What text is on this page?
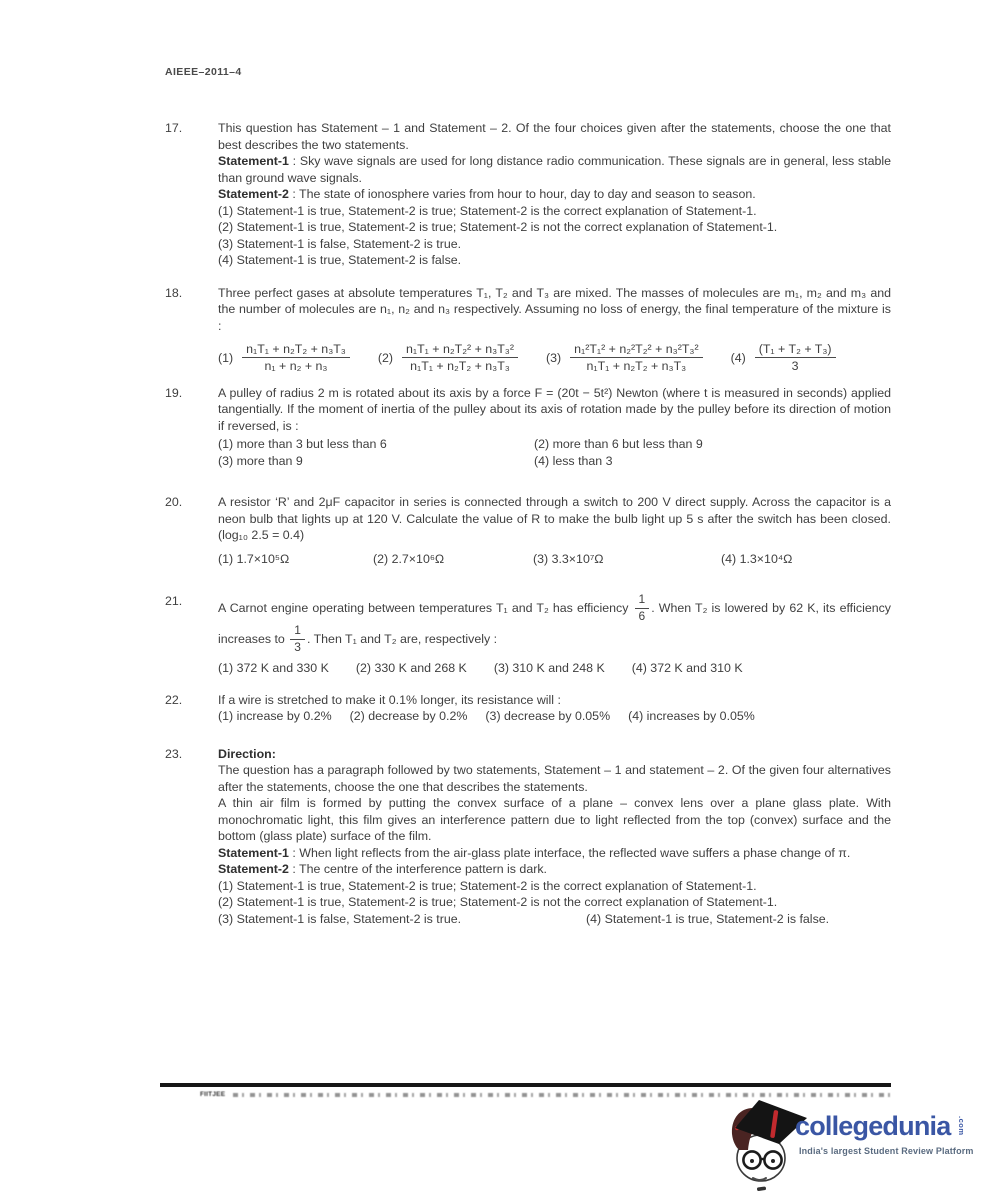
AIEEE–2011–4
17.	This question has Statement – 1 and Statement – 2. Of the four choices given after the statements, choose the one that best describes the two statements.

Statement-1 : Sky wave signals are used for long distance radio communication. These signals are in general, less stable than ground wave signals.

Statement-2 : The state of ionosphere varies from hour to hour, day to day and season to season.

(1) Statement-1 is true, Statement-2 is true; Statement-2 is the correct explanation of Statement-1.
(2) Statement-1 is true, Statement-2 is true; Statement-2 is not the correct explanation of Statement-1.
(3) Statement-1 is false, Statement-2 is true.
(4) Statement-1 is true, Statement-2 is false.
18.	Three perfect gases at absolute temperatures T₁, T₂ and T₃ are mixed. The masses of molecules are m₁, m₂ and m₃ and the number of molecules are n₁, n₂ and n₃ respectively. Assuming no loss of energy, the final temperature of the mixture is :

$(1) \frac{\text{n₁T₁ + n₂T₂ + n₃T₃}}{\text{n₁ + n₂ + n₃}} (2) \frac{\text{n₁T₁ + n₂T₂² + n₃T₃²}}{\text{n₁T₁ + n₂T₂ + n₃T₃}} (3) \frac{\text{n₁²T₁² + n₂²T₂² + n₃²T₃²}}{\text{n₁T₁ + n₂T₂ + n₃T₃}} (4) \frac{\text{(T₁ + T₂ + T₃)}}{3}$
19.	A pulley of radius 2 m is rotated about its axis by a force F = (20t − 5t²) Newton (where t is measured in seconds) applied tangentially. If the moment of inertia of the pulley about its axis of rotation made by the pulley before its direction of motion if reversed, is :

(1) more than 3 but less than 6	(2) more than 6 but less than 9
(3) more than 9	(4) less than 3
20.	A resistor ‘R’ and 2μF capacitor in series is connected through a switch to 200 V direct supply. Across the capacitor is a neon bulb that lights up at 120 V. Calculate the value of R to make the bulb light up 5 s after the switch has been closed. (log₁₀ 2.5 = 0.4)

(1) 1.7×10⁵Ω	(2) 2.7×10⁶Ω	(3) 3.3×10⁷Ω	(4) 1.3×10⁴Ω
21.	A Carnot engine operating between temperatures T₁ and T₂ has efficiency $\frac{1}{6}$ . When T₂ is lowered by 62 K, its efficiency increases to $\frac{1}{3}$ . Then T₁ and T₂ are, respectively :

(1) 372 K and 330 K (2) 330 K and 268 K (3) 310 K and 248 K (4) 372 K and 310 K
22.	If a wire is stretched to make it 0.1% longer, its resistance will :

(1) increase by 0.2% (2) decrease by 0.2% (3) decrease by 0.05% (4) increases by 0.05%
23.	Direction:

The question has a paragraph followed by two statements, Statement – 1 and statement – 2. Of the given four alternatives after the statements, choose the one that describes the statements.

A thin air film is formed by putting the convex surface of a plane – convex lens over a plane glass plate. With monochromatic light, this film gives an interference pattern due to light reflected from the top (convex) surface and the bottom (glass plate) surface of the film.

Statement-1 : When light reflects from the air-glass plate interface, the reflected wave suffers a phase change of π.

Statement-2 : The centre of the interference pattern is dark.

(1) Statement-1 is true, Statement-2 is true; Statement-2 is the correct explanation of Statement-1.
(2) Statement-1 is true, Statement-2 is true; Statement-2 is not the correct explanation of Statement-1.
(3) Statement-1 is false, Statement-2 is true.	(4) Statement-1 is true, Statement-2 is false.
FIITJEE
collegedunia .com
India's largest Student Review Platform
